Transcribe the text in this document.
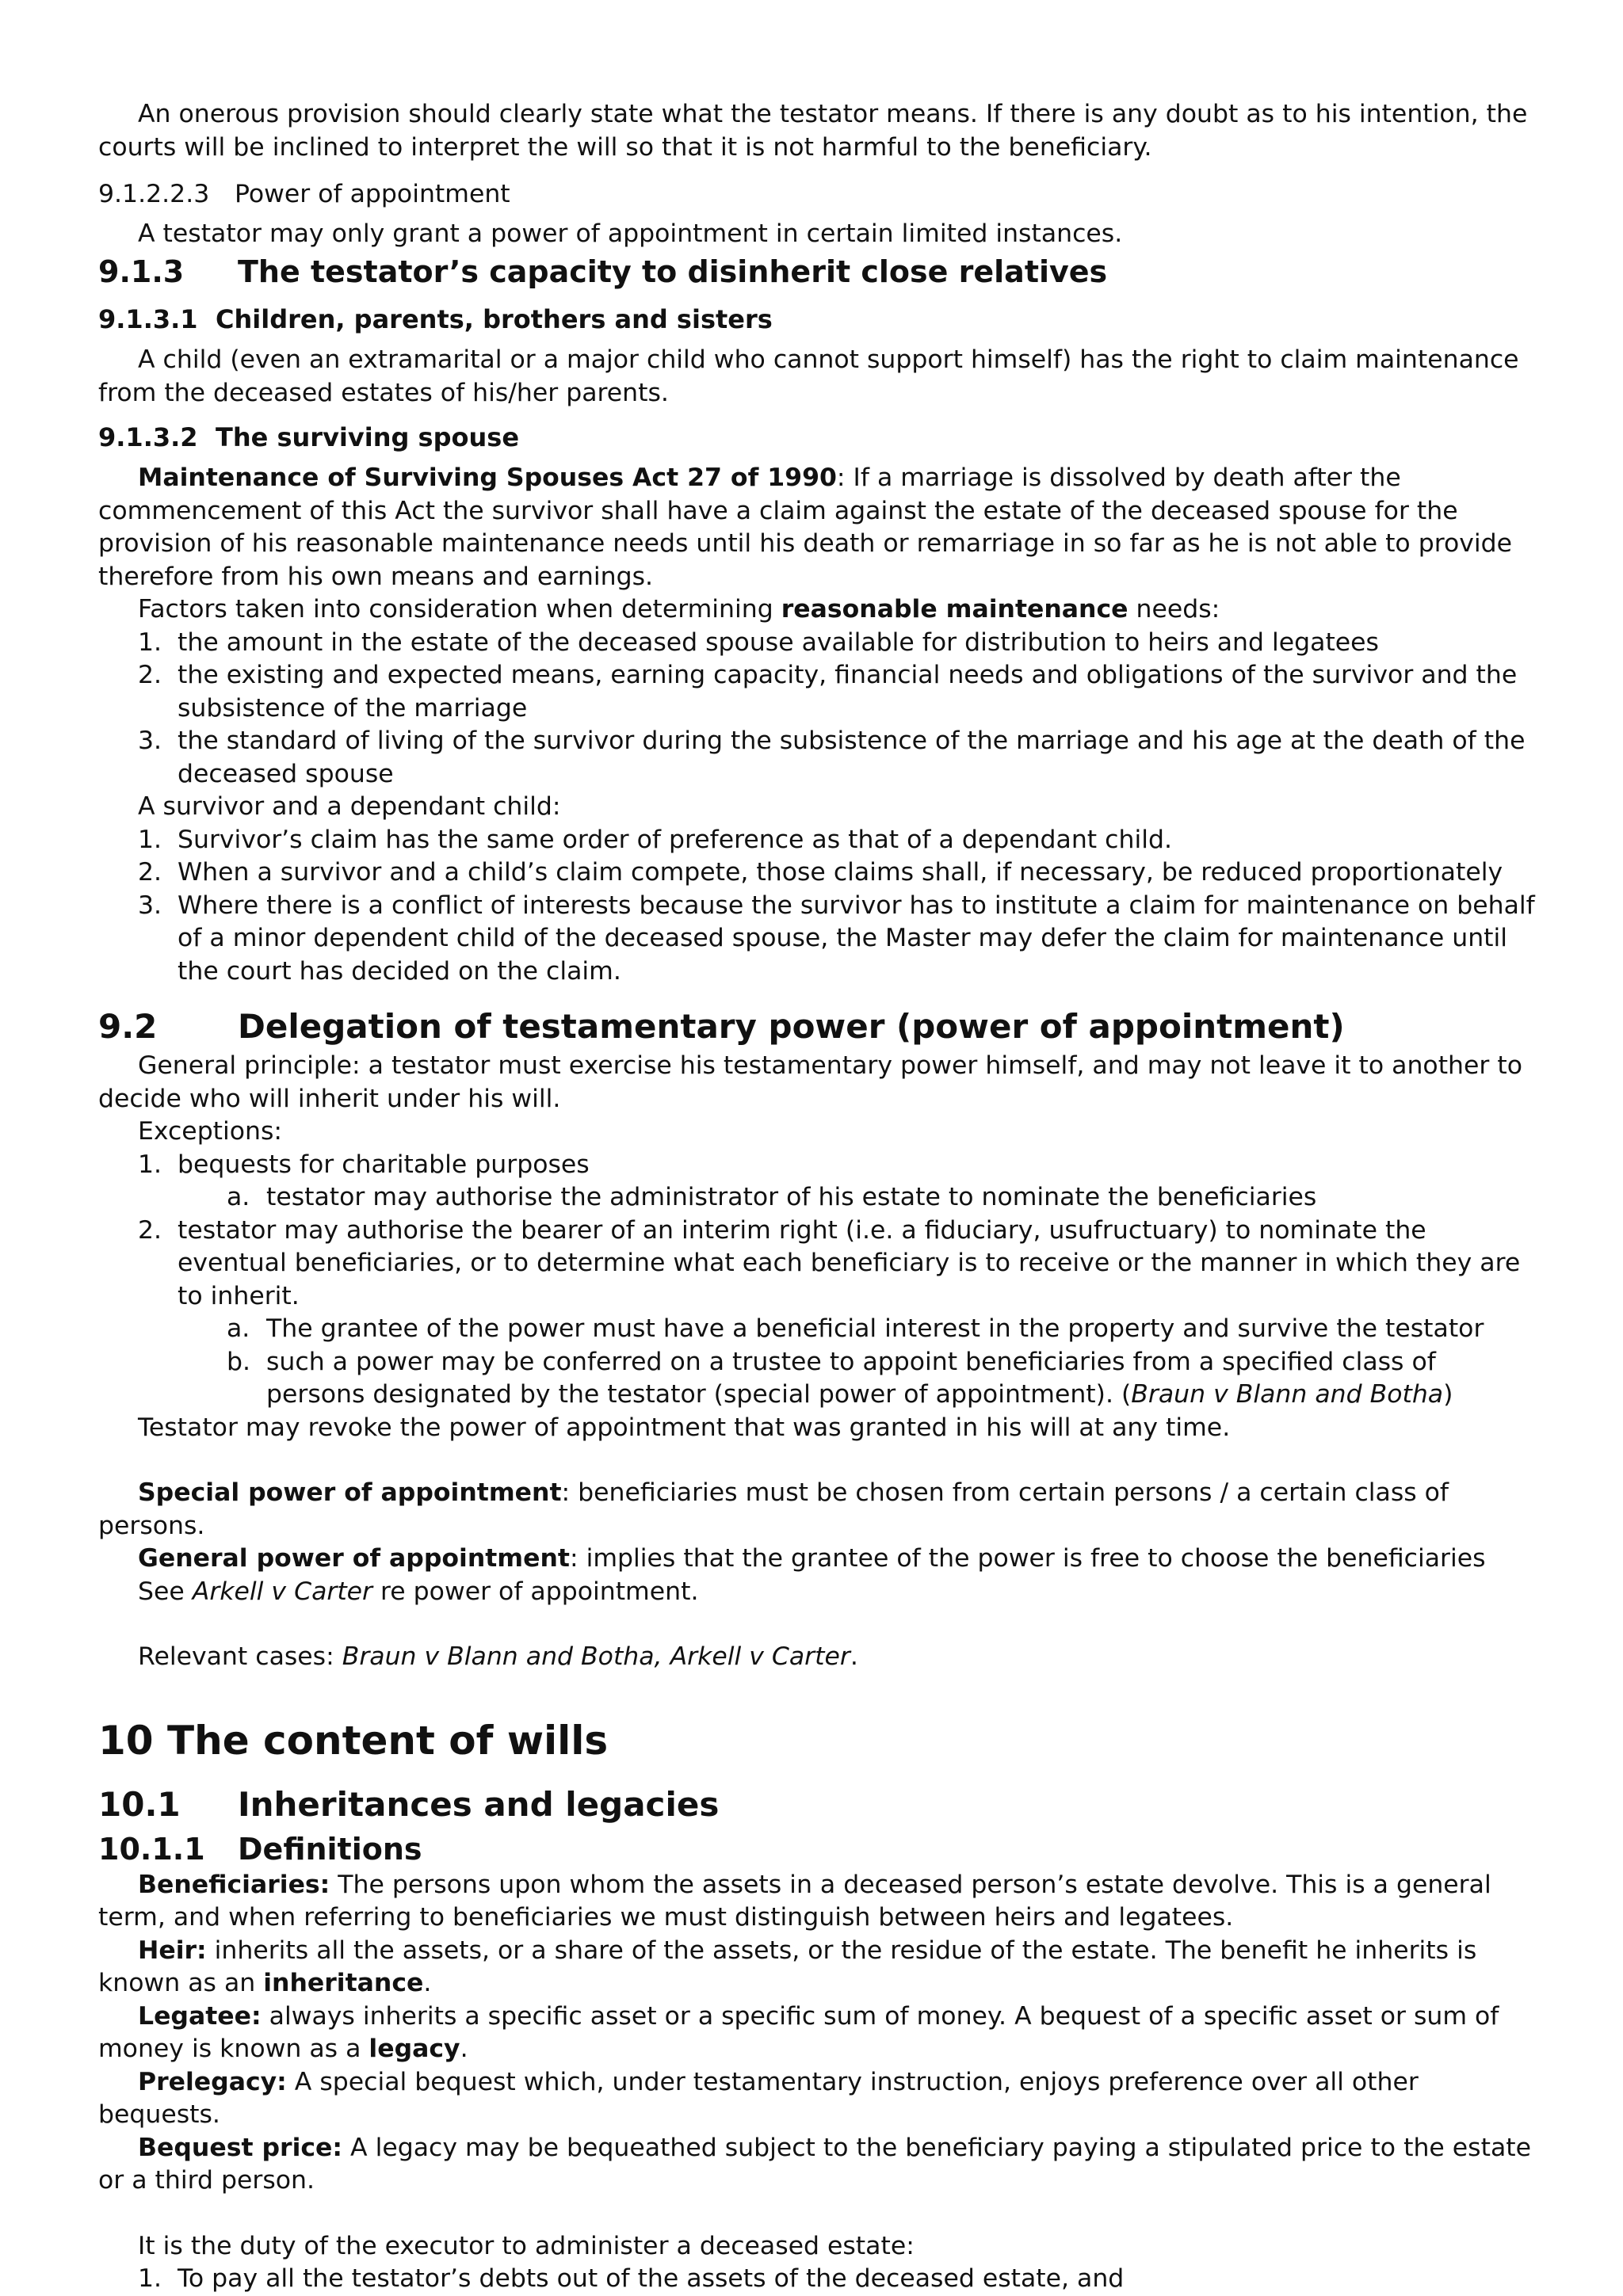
An onerous provision should clearly state what the testator means. If there is any doubt as to his intention, the courts will be inclined to interpret the will so that it is not harmful to the beneficiary.

9.1.2.2.3 Power of appointment

A testator may only grant a power of appointment in certain limited instances.

9.1.3 The testator’s capacity to disinherit close relatives

9.1.3.1 Children, parents, brothers and sisters

A child (even an extramarital or a major child who cannot support himself) has the right to claim maintenance from the deceased estates of his/her parents.

9.1.3.2 The surviving spouse

Maintenance of Surviving Spouses Act 27 of 1990: If a marriage is dissolved by death after the commencement of this Act the survivor shall have a claim against the estate of the deceased spouse for the provision of his reasonable maintenance needs until his death or remarriage in so far as he is not able to provide therefore from his own means and earnings.

Factors taken into consideration when determining reasonable maintenance needs:

1. the amount in the estate of the deceased spouse available for distribution to heirs and legatees
2. the existing and expected means, earning capacity, financial needs and obligations of the survivor and the subsistence of the marriage
3. the standard of living of the survivor during the subsistence of the marriage and his age at the death of the deceased spouse

A survivor and a dependant child:

1. Survivor’s claim has the same order of preference as that of a dependant child.
2. When a survivor and a child’s claim compete, those claims shall, if necessary, be reduced proportionately
3. Where there is a conflict of interests because the survivor has to institute a claim for maintenance on behalf of a minor dependent child of the deceased spouse, the Master may defer the claim for maintenance until the court has decided on the claim.

9.2 Delegation of testamentary power (power of appointment)

General principle: a testator must exercise his testamentary power himself, and may not leave it to another to decide who will inherit under his will.

Exceptions:

1. bequests for charitable purposes
a. testator may authorise the administrator of his estate to nominate the beneficiaries
2. testator may authorise the bearer of an interim right (i.e. a fiduciary, usufructuary) to nominate the eventual beneficiaries, or to determine what each beneficiary is to receive or the manner in which they are to inherit.
a. The grantee of the power must have a beneficial interest in the property and survive the testator
b. such a power may be conferred on a trustee to appoint beneficiaries from a specified class of persons designated by the testator (special power of appointment). (Braun v Blann and Botha)

Testator may revoke the power of appointment that was granted in his will at any time.

Special power of appointment: beneficiaries must be chosen from certain persons / a certain class of persons.

General power of appointment: implies that the grantee of the power is free to choose the beneficiaries

See Arkell v Carter re power of appointment.

Relevant cases: Braun v Blann and Botha, Arkell v Carter.

10 The content of wills

10.1 Inheritances and legacies

10.1.1 Definitions

Beneficiaries: The persons upon whom the assets in a deceased person’s estate devolve. This is a general term, and when referring to beneficiaries we must distinguish between heirs and legatees.

Heir: inherits all the assets, or a share of the assets, or the residue of the estate. The benefit he inherits is known as an inheritance.

Legatee: always inherits a specific asset or a specific sum of money. A bequest of a specific asset or sum of money is known as a legacy.

Prelegacy: A special bequest which, under testamentary instruction, enjoys preference over all other bequests.

Bequest price: A legacy may be bequeathed subject to the beneficiary paying a stipulated price to the estate or a third person.

It is the duty of the executor to administer a deceased estate:

1. To pay all the testator’s debts out of the assets of the deceased estate, and
